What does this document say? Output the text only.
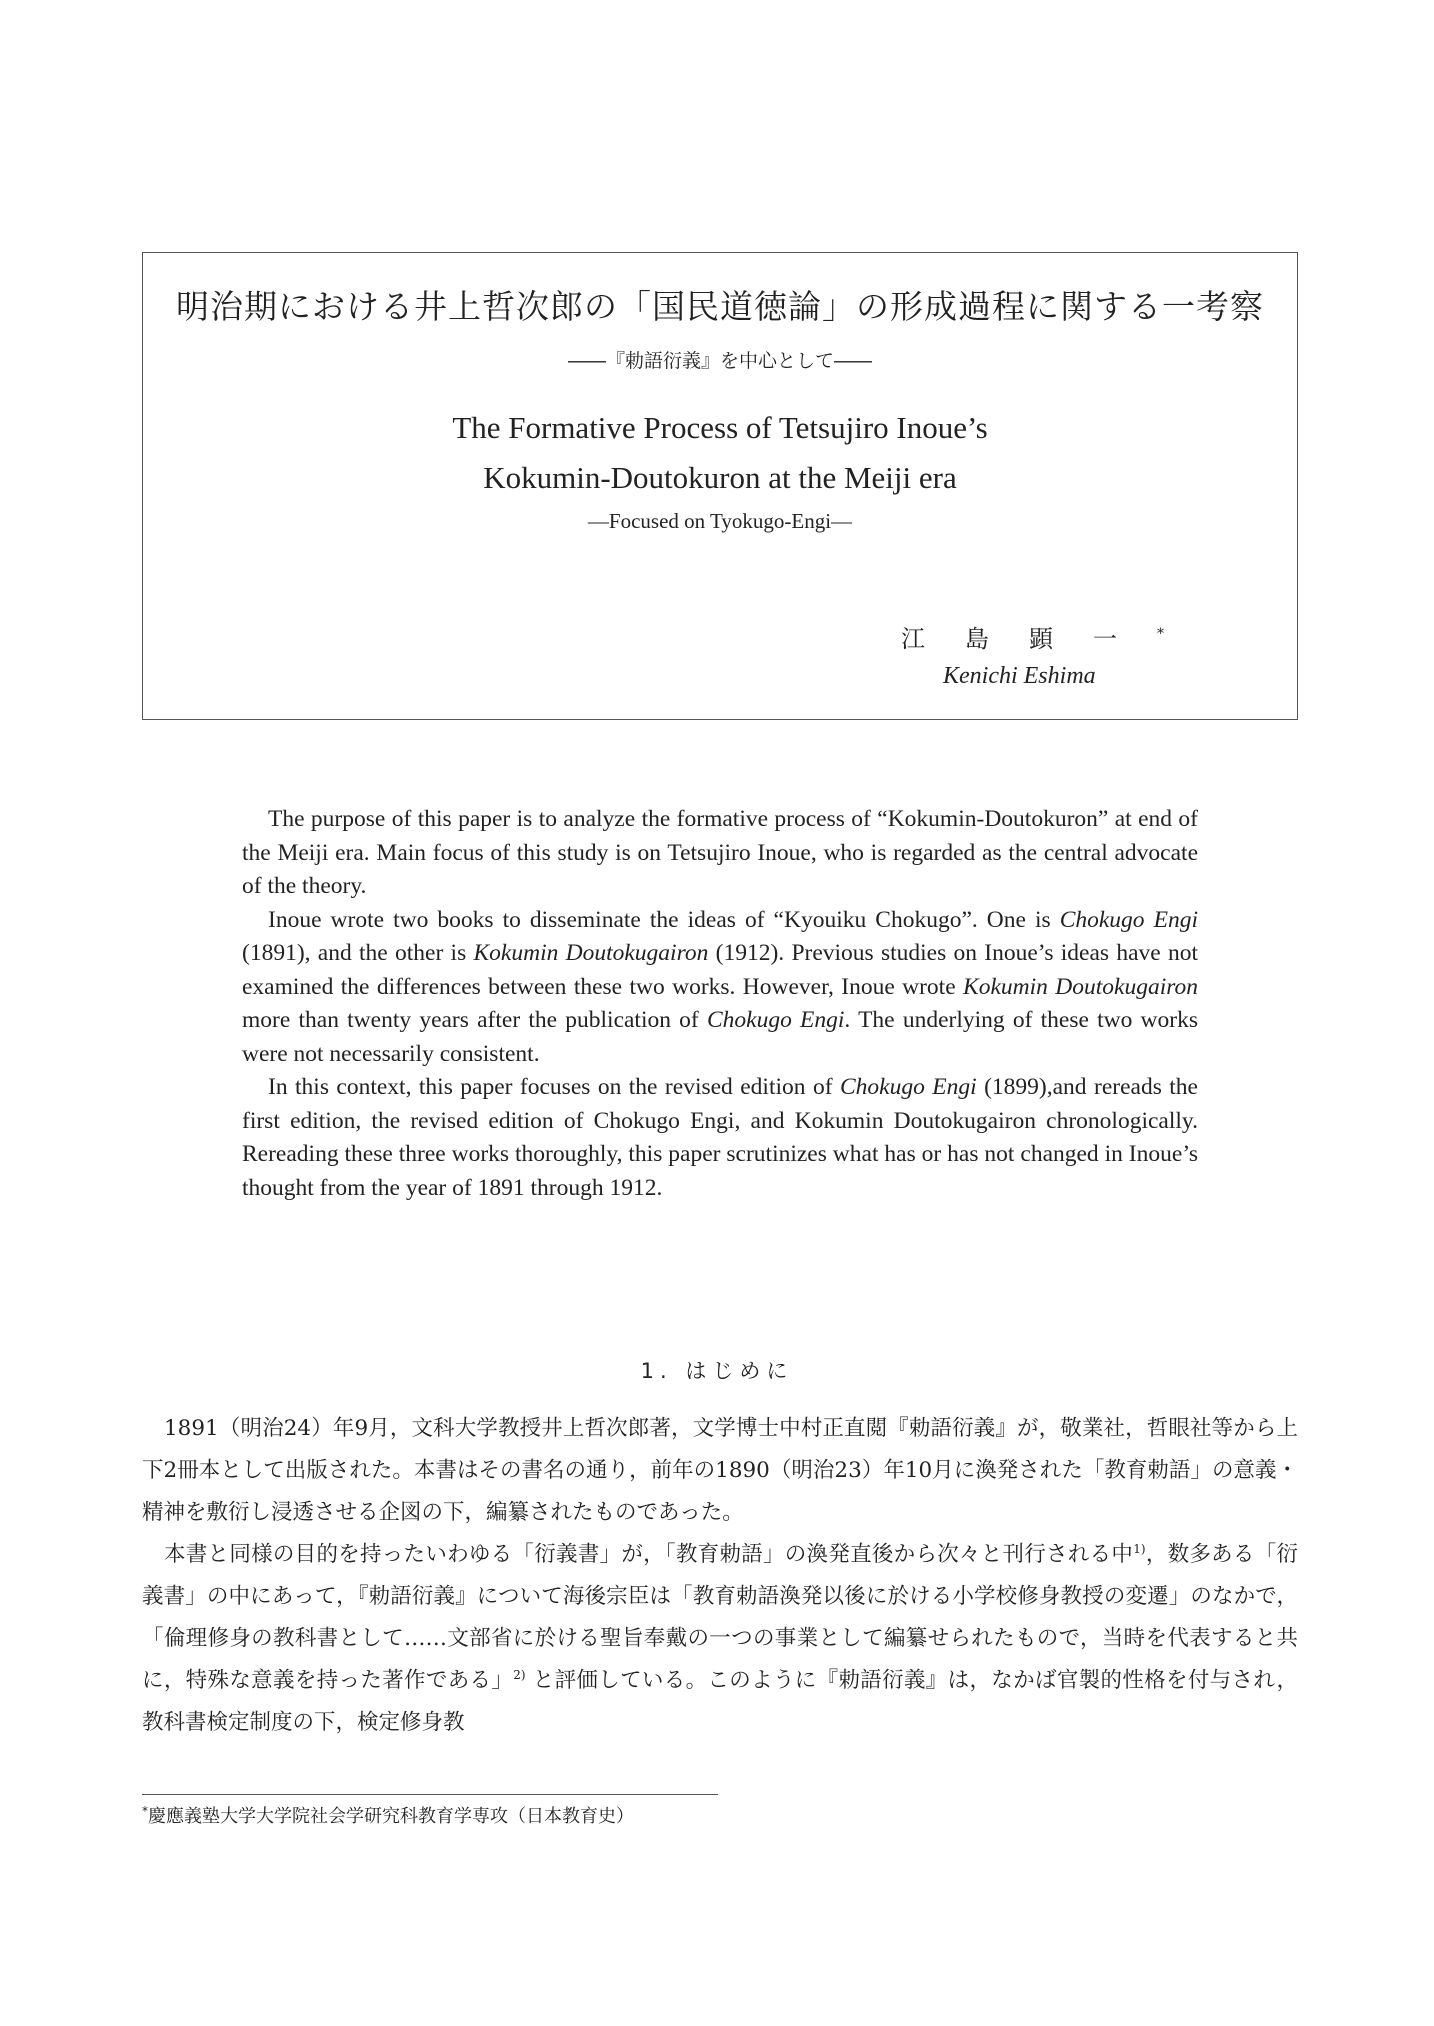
明治期における井上哲次郎の「国民道徳論」の形成過程に関する一考察
――『勅語衍義』を中心として――
The Formative Process of Tetsujiro Inoue’s
Kokumin-Doutokuron at the Meiji era
―Focused on Tyokugo-Engi―
江島顕一*
Kenichi Eshima

The purpose of this paper is to analyze the formative process of “Kokumin-Doutokuron” at end of the Meiji era. Main focus of this study is on Tetsujiro Inoue, who is regarded as the central advocate of the theory.

Inoue wrote two books to disseminate the ideas of “Kyouiku Chokugo”. One is Chokugo Engi (1891), and the other is Kokumin Doutokugairon (1912). Previous studies on Inoue’s ideas have not examined the differences between these two works. However, Inoue wrote Kokumin Doutokugairon more than twenty years after the publication of Chokugo Engi. The underlying of these two works were not necessarily consistent.

In this context, this paper focuses on the revised edition of Chokugo Engi (1899),and rereads the first edition, the revised edition of Chokugo Engi, and Kokumin Doutokugairon chronologically. Rereading these three works thoroughly, this paper scrutinizes what has or has not changed in Inoue’s thought from the year of 1891 through 1912.

1. はじめに

1891（明治24）年9月，文科大学教授井上哲次郎著，文学博士中村正直閲『勅語衍義』が，敬業社，哲眼社等から上下2冊本として出版された。本書はその書名の通り，前年の1890（明治23）年10月に渙発された「教育勅語」の意義・精神を敷衍し浸透させる企図の下，編纂されたものであった。

本書と同様の目的を持ったいわゆる「衍義書」が，「教育勅語」の渙発直後から次々と刊行される中$^{1)}$，数多ある「衍義書」の中にあって，『勅語衍義』について海後宗臣は「教育勅語渙発以後に於ける小学校修身教授の変遷」のなかで，「倫理修身の教科書として……文部省に於ける聖旨奉戴の一つの事業として編纂せられたもので，当時を代表すると共に，特殊な意義を持った著作である」$^{2)}$ と評価している。このように『勅語衍義』は，なかば官製的性格を付与され，教科書検定制度の下，検定修身教

*慶應義塾大学大学院社会学研究科教育学専攻（日本教育史）
